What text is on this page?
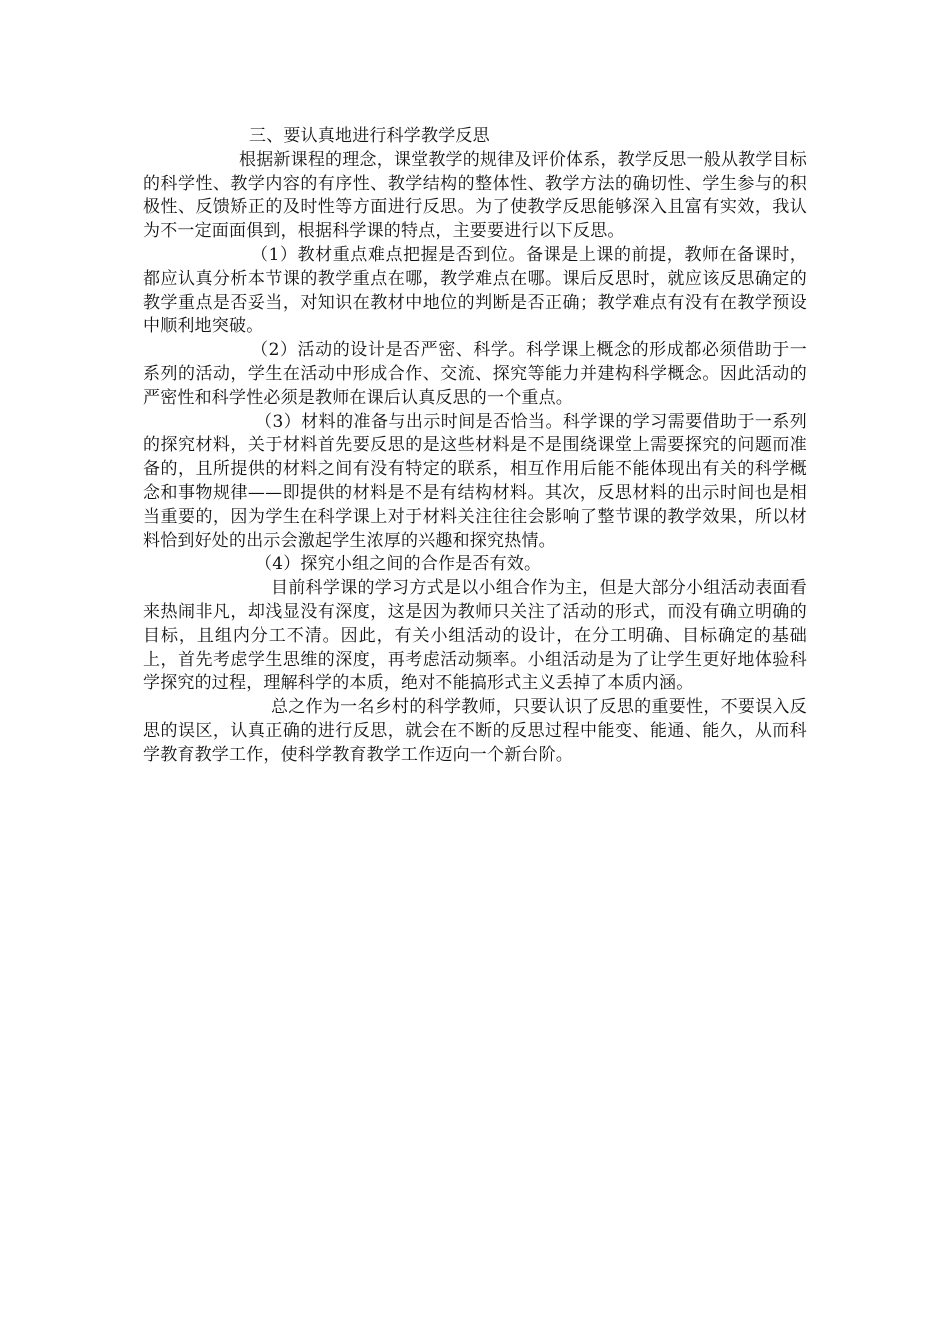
三、要认真地进行科学教学反思

根据新课程的理念，课堂教学的规律及评价体系，教学反思一般从教学目标的科学性、教学内容的有序性、教学结构的整体性、教学方法的确切性、学生参与的积极性、反馈矫正的及时性等方面进行反思。为了使教学反思能够深入且富有实效，我认为不一定面面俱到，根据科学课的特点，主要要进行以下反思。

（1）教材重点难点把握是否到位。备课是上课的前提，教师在备课时，都应认真分析本节课的教学重点在哪，教学难点在哪。课后反思时，就应该反思确定的教学重点是否妥当，对知识在教材中地位的判断是否正确；教学难点有没有在教学预设中顺利地突破。

（2）活动的设计是否严密、科学。科学课上概念的形成都必须借助于一系列的活动，学生在活动中形成合作、交流、探究等能力并建构科学概念。因此活动的严密性和科学性必须是教师在课后认真反思的一个重点。

（3）材料的准备与出示时间是否恰当。科学课的学习需要借助于一系列的探究材料，关于材料首先要反思的是这些材料是不是围绕课堂上需要探究的问题而准备的，且所提供的材料之间有没有特定的联系，相互作用后能不能体现出有关的科学概念和事物规律——即提供的材料是不是有结构材料。其次，反思材料的出示时间也是相当重要的，因为学生在科学课上对于材料关注往往会影响了整节课的教学效果，所以材料恰到好处的出示会激起学生浓厚的兴趣和探究热情。

（4）探究小组之间的合作是否有效。

目前科学课的学习方式是以小组合作为主，但是大部分小组活动表面看来热闹非凡，却浅显没有深度，这是因为教师只关注了活动的形式，而没有确立明确的目标，且组内分工不清。因此，有关小组活动的设计，在分工明确、目标确定的基础上，首先考虑学生思维的深度，再考虑活动频率。小组活动是为了让学生更好地体验科学探究的过程，理解科学的本质，绝对不能搞形式主义丢掉了本质内涵。

总之作为一名乡村的科学教师，只要认识了反思的重要性，不要误入反思的误区，认真正确的进行反思，就会在不断的反思过程中能变、能通、能久，从而科学教育教学工作，使科学教育教学工作迈向一个新台阶。
